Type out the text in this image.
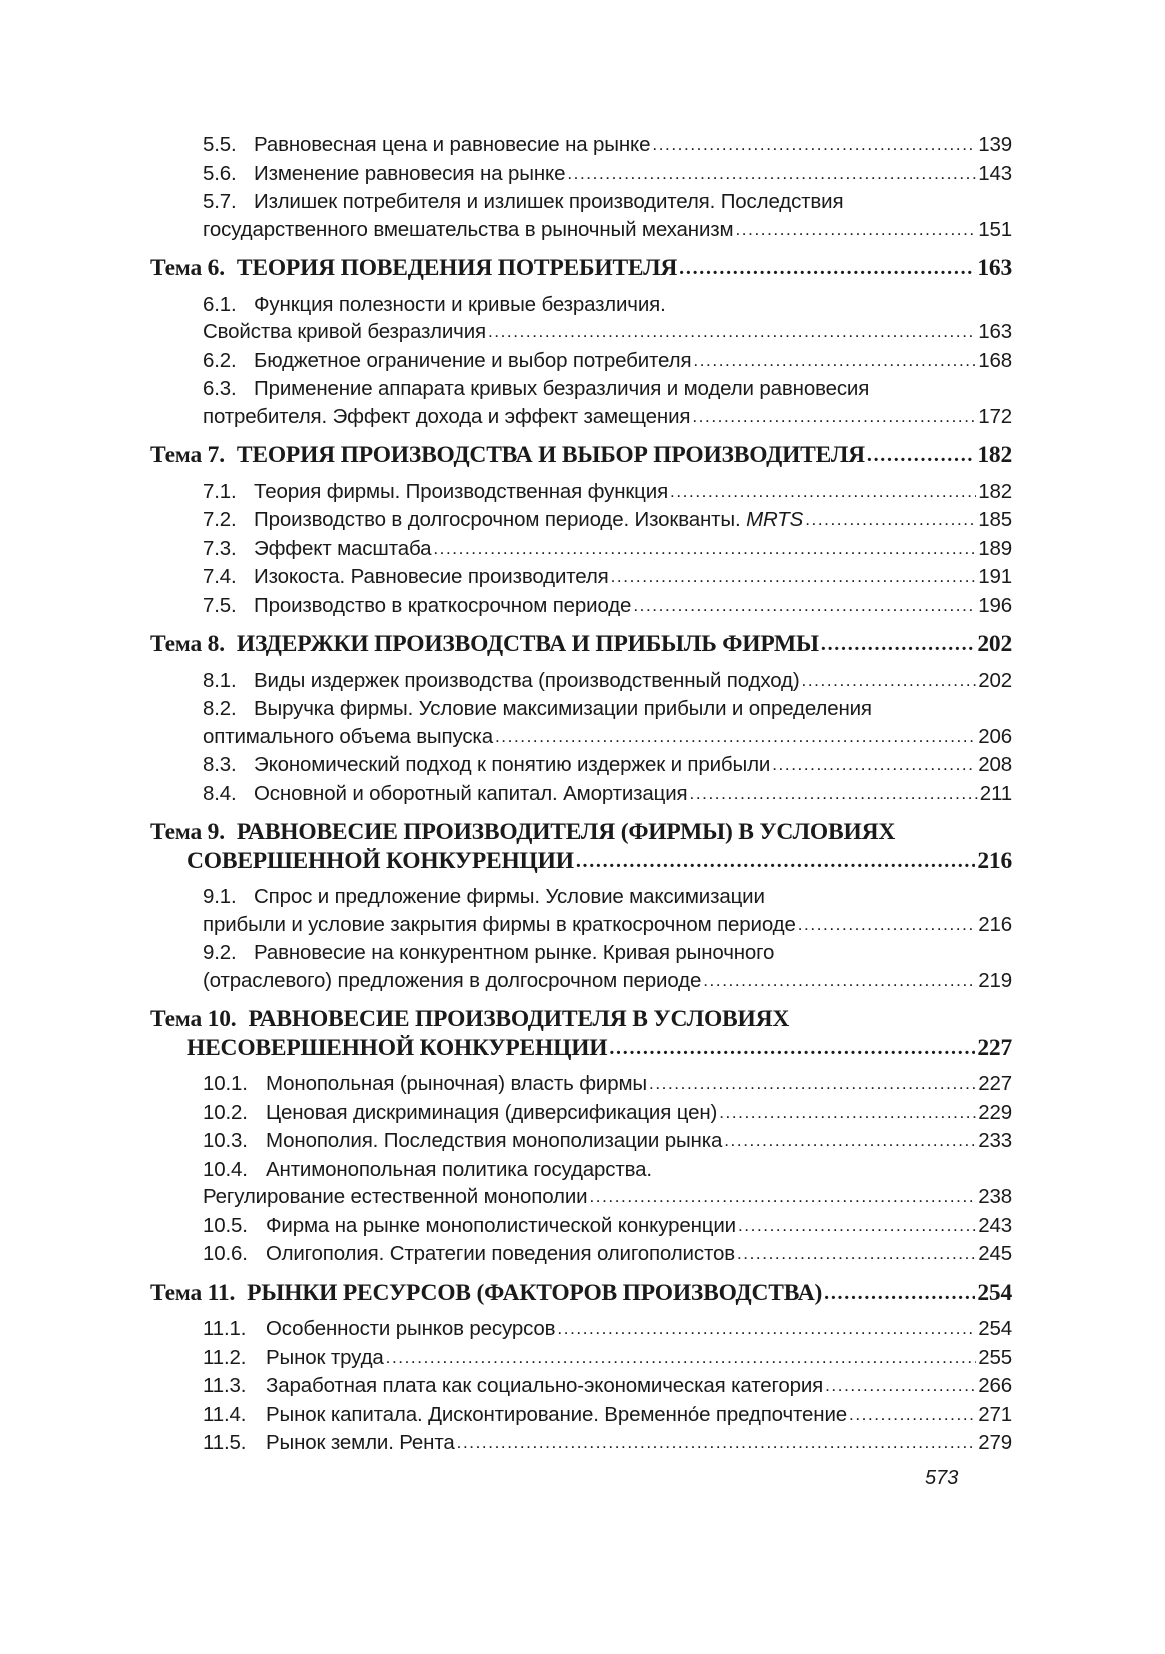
5.5. Равновесная цена и равновесие на рынке .....	139
5.6. Изменение равновесия на рынке .....	143
5.7. Излишек потребителя и излишек производителя. Последствия
государственного вмешательства в рыночный механизм .....	151
Тема 6. ТЕОРИЯ ПОВЕДЕНИЯ ПОТРЕБИТЕЛЯ .....	163
6.1. Функция полезности и кривые безразличия.
Свойства кривой безразличия .....	163
6.2. Бюджетное ограничение и выбор потребителя .....	168
6.3. Применение аппарата кривых безразличия и модели равновесия
потребителя. Эффект дохода и эффект замещения .....	172
Тема 7. ТЕОРИЯ ПРОИЗВОДСТВА И ВЫБОР ПРОИЗВОДИТЕЛЯ .....	182
7.1. Теория фирмы. Производственная функция .....	182
7.2. Производство в долгосрочном периоде. Изокванты.
MRTS .....	185
7.3. Эффект масштаба .....	189
7.4. Изокоста. Равновесие производителя .....	191
7.5. Производство в краткосрочном периоде .....	196
Тема 8. ИЗДЕРЖКИ ПРОИЗВОДСТВА И ПРИБЫЛЬ ФИРМЫ .....	202
8.1. Виды издержек производства (производственный подход) .....	202
8.2. Выручка фирмы. Условие максимизации прибыли и определения
оптимального объема выпуска .....	206
8.3. Экономический подход к понятию издержек и прибыли .....	208
8.4. Основной и оборотный капитал. Амортизация .....	211
Тема 9. РАВНОВЕСИЕ ПРОИЗВОДИТЕЛЯ (ФИРМЫ) В УСЛОВИЯХ
СОВЕРШЕННОЙ КОНКУРЕНЦИИ .....	216
9.1. Спрос и предложение фирмы. Условие максимизации
прибыли и условие закрытия фирмы в краткосрочном периоде .....	216
9.2. Равновесие на конкурентном рынке. Кривая рыночного
(отраслевого) предложения в долгосрочном периоде .....	219
Тема 10. РАВНОВЕСИЕ ПРОИЗВОДИТЕЛЯ В УСЛОВИЯХ
НЕСОВЕРШЕННОЙ КОНКУРЕНЦИИ .....	227
10.1. Монопольная (рыночная) власть фирмы .....	227
10.2. Ценовая дискриминация (диверсификация цен) .....	229
10.3. Монополия. Последствия монополизации рынка .....	233
10.4. Антимонопольная политика государства.
Регулирование естественной монополии .....	238
10.5. Фирма на рынке монополистической конкуренции .....	243
10.6. Олигополия. Стратегии поведения олигополистов .....	245
Тема 11. РЫНКИ РЕСУРСОВ (ФАКТОРОВ ПРОИЗВОДСТВА) .....	254
11.1. Особенности рынков ресурсов .....	254
11.2. Рынок труда .....	255
11.3. Заработная плата как социально-экономическая категория .....	266
11.4. Рынок капитала. Дисконтирование. Временно́е предпочтение .....	271
11.5. Рынок земли. Рента .....	279
573
